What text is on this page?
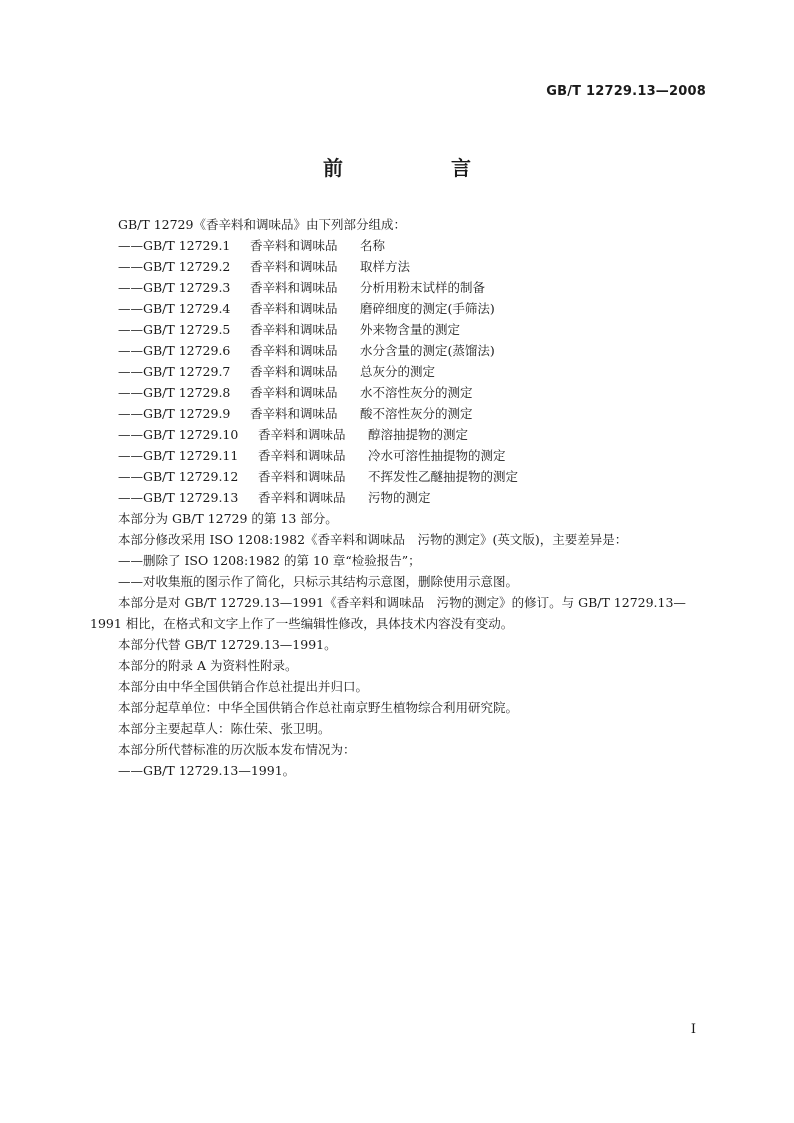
GB/T 12729.13—2008
前　言
GB/T 12729《香辛料和调味品》由下列部分组成：
——GB/T 12729.1 香辛料和调味品 名称
——GB/T 12729.2 香辛料和调味品 取样方法
——GB/T 12729.3 香辛料和调味品 分析用粉末试样的制备
——GB/T 12729.4 香辛料和调味品 磨碎细度的测定(手筛法)
——GB/T 12729.5 香辛料和调味品 外来物含量的测定
——GB/T 12729.6 香辛料和调味品 水分含量的测定(蒸馏法)
——GB/T 12729.7 香辛料和调味品 总灰分的测定
——GB/T 12729.8 香辛料和调味品 水不溶性灰分的测定
——GB/T 12729.9 香辛料和调味品 酸不溶性灰分的测定
——GB/T 12729.10 香辛料和调味品 醇溶抽提物的测定
——GB/T 12729.11 香辛料和调味品 冷水可溶性抽提物的测定
——GB/T 12729.12 香辛料和调味品 不挥发性乙醚抽提物的测定
——GB/T 12729.13 香辛料和调味品 污物的测定
本部分为 GB/T 12729 的第 13 部分。
本部分修改采用 ISO 1208:1982《香辛料和调味品　污物的测定》(英文版)，主要差异是：
——删除了 ISO 1208:1982 的第 10 章“检验报告”；
——对收集瓶的图示作了简化，只标示其结构示意图，删除使用示意图。
本部分是对 GB/T 12729.13—1991《香辛料和调味品　污物的测定》的修订。与 GB/T 12729.13—1991 相比，在格式和文字上作了一些编辑性修改，具体技术内容没有变动。
本部分代替 GB/T 12729.13—1991。
本部分的附录 A 为资料性附录。
本部分由中华全国供销合作总社提出并归口。
本部分起草单位：中华全国供销合作总社南京野生植物综合利用研究院。
本部分主要起草人：陈仕荣、张卫明。
本部分所代替标准的历次版本发布情况为：
——GB/T 12729.13—1991。
I
